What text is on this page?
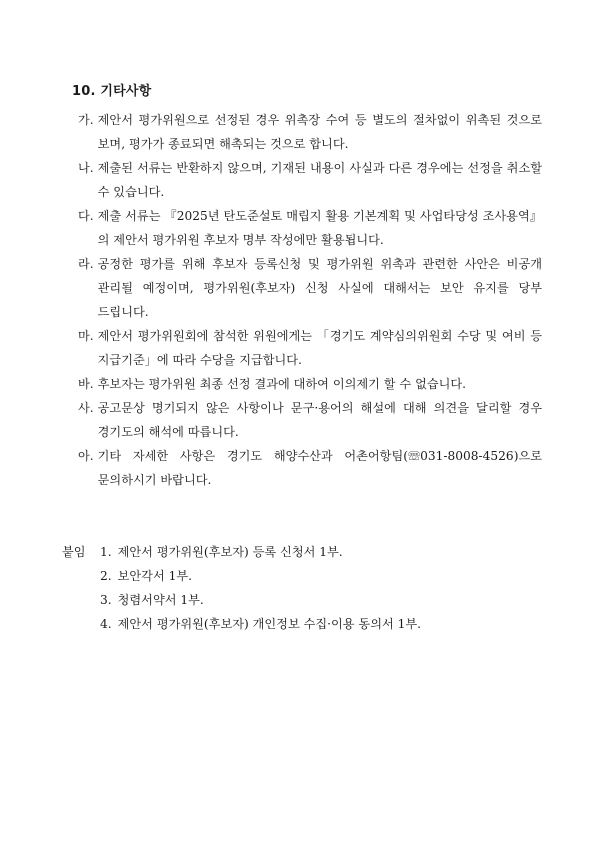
10. 기타사항
가. 제안서 평가위원으로 선정된 경우 위촉장 수여 등 별도의 절차없이 위촉된 것으로 보며, 평가가 종료되면 해촉되는 것으로 합니다.
나. 제출된 서류는 반환하지 않으며, 기재된 내용이 사실과 다른 경우에는 선정을 취소할 수 있습니다.
다. 제출 서류는 『2025년 탄도준설토 매립지 활용 기본계획 및 사업타당성 조사용역』의 제안서 평가위원 후보자 명부 작성에만 활용됩니다.
라. 공정한 평가를 위해 후보자 등록신청 및 평가위원 위촉과 관련한 사안은 비공개 관리될 예정이며, 평가위원(후보자) 신청 사실에 대해서는 보안 유지를 당부 드립니다.
마. 제안서 평가위원회에 참석한 위원에게는 「경기도 계약심의위원회 수당 및 여비 등 지급기준」에 따라 수당을 지급합니다.
바. 후보자는 평가위원 최종 선정 결과에 대하여 이의제기 할 수 없습니다.
사. 공고문상 명기되지 않은 사항이나 문구·용어의 해설에 대해 의견을 달리할 경우 경기도의 해석에 따릅니다.
아. 기타 자세한 사항은 경기도 해양수산과 어촌어항팀(☏031-8008-4526)으로 문의하시기 바랍니다.
붙임	1. 제안서 평가위원(후보자) 등록 신청서 1부.
2. 보안각서 1부.
3. 청렴서약서 1부.
4. 제안서 평가위원(후보자) 개인정보 수집·이용 동의서 1부.
